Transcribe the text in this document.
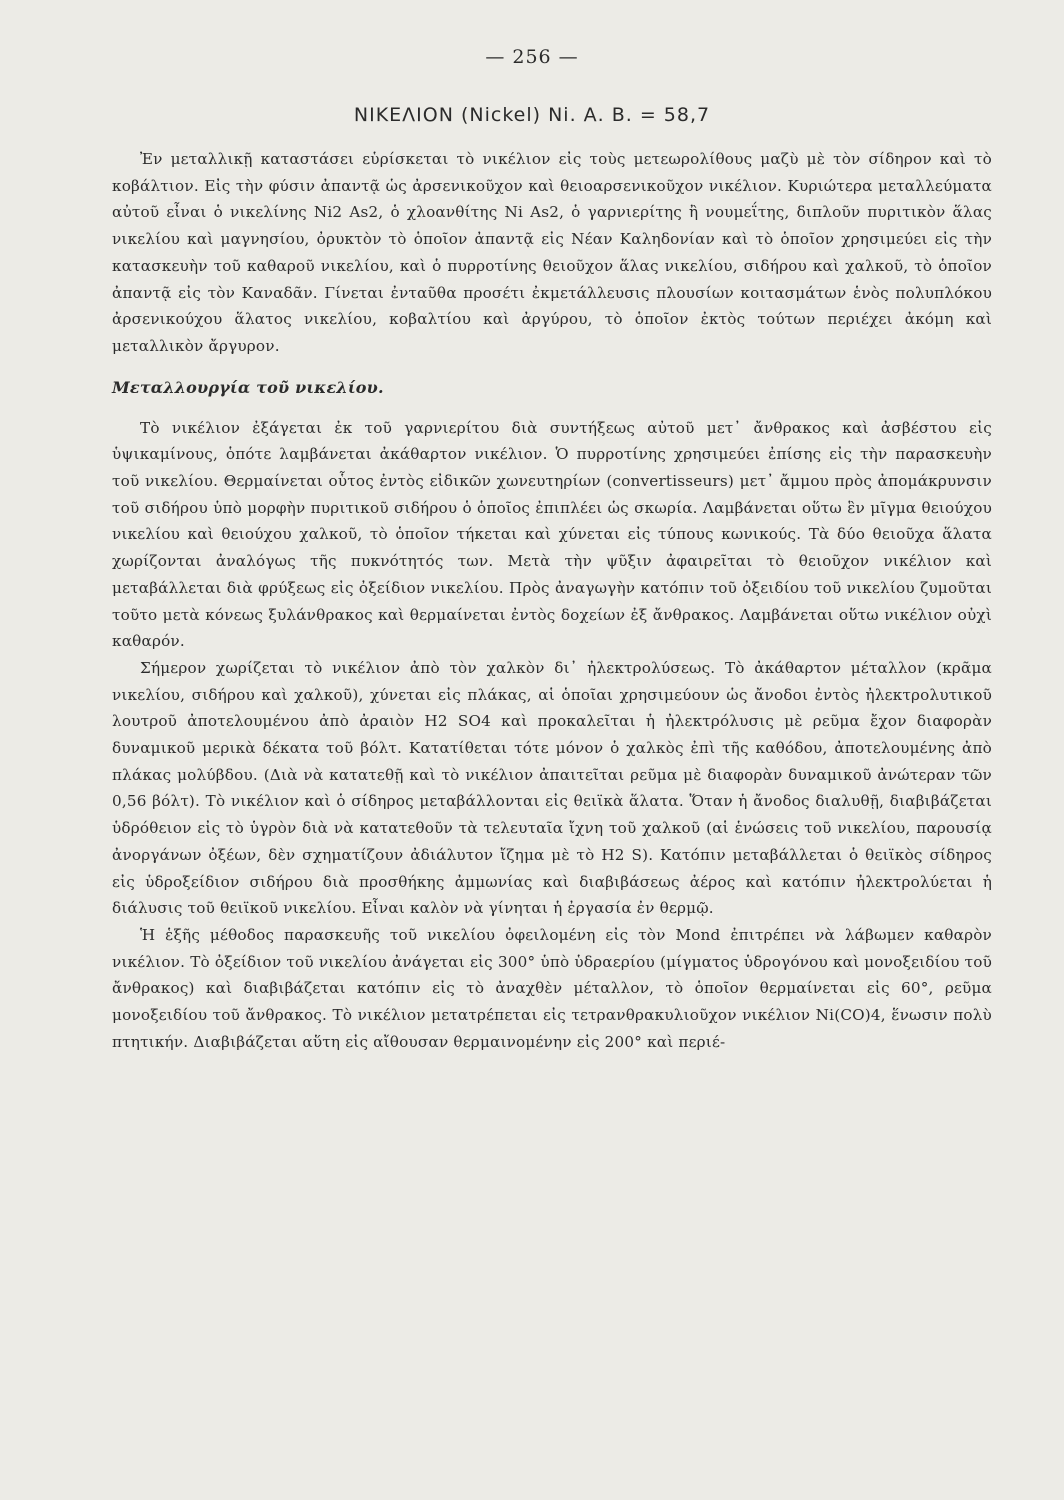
— 256 —
ΝΙΚΕΛΙΟΝ (Nickel) Ni. Α. Β. = 58,7

Ἐν μεταλλικῇ καταστάσει εὑρίσκεται τὸ νικέλιον εἰς τοὺς μετεωρολίθους μαζὺ μὲ τὸν σίδηρον καὶ τὸ κοβάλτιον. Εἰς τὴν φύσιν ἀπαντᾷ ὡς ἀρσενικοῦχον καὶ θειοαρσενικοῦχον νικέλιον. Κυριώτερα μεταλλεύματα αὐτοῦ εἶναι ὁ νικελίνης Ni2 As2, ὁ χλοανθίτης Ni As2, ὁ γαρνιερίτης ἢ νουμεΐτης, διπλοῦν πυριτικὸν ἅλας νικελίου καὶ μαγνησίου, ὀρυκτὸν τὸ ὁποῖον ἀπαντᾷ εἰς Νέαν Καληδονίαν καὶ τὸ ὁποῖον χρησιμεύει εἰς τὴν κατασκευὴν τοῦ καθαροῦ νικελίου, καὶ ὁ πυρροτίνης θειοῦχον ἅλας νικελίου, σιδήρου καὶ χαλκοῦ, τὸ ὁποῖον ἀπαντᾷ εἰς τὸν Καναδᾶν. Γίνεται ἐνταῦθα προσέτι ἐκμετάλλευσις πλουσίων κοιτασμάτων ἑνὸς πολυπλόκου ἀρσενικούχου ἅλατος νικελίου, κοβαλτίου καὶ ἀργύρου, τὸ ὁποῖον ἐκτὸς τούτων περιέχει ἀκόμη καὶ μεταλλικὸν ἄργυρον.

Μεταλλουργία τοῦ νικελίου.

Τὸ νικέλιον ἐξάγεται ἐκ τοῦ γαρνιερίτου διὰ συντήξεως αὐτοῦ μετ᾽ ἄνθρακος καὶ ἀσβέστου εἰς ὑψικαμίνους, ὁπότε λαμβάνεται ἀκάθαρτον νικέλιον. Ὁ πυρροτίνης χρησιμεύει ἐπίσης εἰς τὴν παρασκευὴν τοῦ νικελίου. Θερμαίνεται οὗτος ἐντὸς εἰδικῶν χωνευτηρίων (convertisseurs) μετ᾽ ἄμμου πρὸς ἀπομάκρυνσιν τοῦ σιδήρου ὑπὸ μορφὴν πυριτικοῦ σιδήρου ὁ ὁποῖος ἐπιπλέει ὡς σκωρία. Λαμβάνεται οὕτω ἓν μῖγμα θειούχου νικελίου καὶ θειούχου χαλκοῦ, τὸ ὁποῖον τήκεται καὶ χύνεται εἰς τύπους κωνικούς. Τὰ δύο θειοῦχα ἅλατα χωρίζονται ἀναλόγως τῆς πυκνότητός των. Μετὰ τὴν ψῦξιν ἀφαιρεῖται τὸ θειοῦχον νικέλιον καὶ μεταβάλλεται διὰ φρύξεως εἰς ὀξείδιον νικελίου. Πρὸς ἀναγωγὴν κατόπιν τοῦ ὀξειδίου τοῦ νικελίου ζυμοῦται τοῦτο μετὰ κόνεως ξυλάνθρακος καὶ θερμαίνεται ἐντὸς δοχείων ἐξ ἄνθρακος. Λαμβάνεται οὕτω νικέλιον οὐχὶ καθαρόν.

Σήμερον χωρίζεται τὸ νικέλιον ἀπὸ τὸν χαλκὸν δι᾽ ἠλεκτρολύσεως. Τὸ ἀκάθαρτον μέταλλον (κρᾶμα νικελίου, σιδήρου καὶ χαλκοῦ), χύνεται εἰς πλάκας, αἱ ὁποῖαι χρησιμεύουν ὡς ἄνοδοι ἐντὸς ἠλεκτρολυτικοῦ λουτροῦ ἀποτελουμένου ἀπὸ ἀραιὸν H2 SO4 καὶ προκαλεῖται ἡ ἠλεκτρόλυσις μὲ ρεῦμα ἔχον διαφορὰν δυναμικοῦ μερικὰ δέκατα τοῦ βόλτ. Κατατίθεται τότε μόνον ὁ χαλκὸς ἐπὶ τῆς καθόδου, ἀποτελουμένης ἀπὸ πλάκας μολύβδου. (Διὰ νὰ κατατεθῇ καὶ τὸ νικέλιον ἀπαιτεῖται ρεῦμα μὲ διαφορὰν δυναμικοῦ ἀνώτεραν τῶν 0,56 βόλτ). Τὸ νικέλιον καὶ ὁ σίδηρος μεταβάλλονται εἰς θειϊκὰ ἅλατα. Ὅταν ἡ ἄνοδος διαλυθῇ, διαβιβάζεται ὑδρόθειον εἰς τὸ ὑγρὸν διὰ νὰ κατατεθοῦν τὰ τελευταῖα ἴχνη τοῦ χαλκοῦ (αἱ ἑνώσεις τοῦ νικελίου, παρουσίᾳ ἀνοργάνων ὀξέων, δὲν σχηματίζουν ἀδιάλυτον ἴζημα μὲ τὸ H2 S). Κατόπιν μεταβάλλεται ὁ θειϊκὸς σίδηρος εἰς ὑδροξείδιον σιδήρου διὰ προσθήκης ἀμμωνίας καὶ διαβιβάσεως ἀέρος καὶ κατόπιν ἠλεκτρολύεται ἡ διάλυσις τοῦ θειϊκοῦ νικελίου. Εἶναι καλὸν νὰ γίνηται ἡ ἐργασία ἐν θερμῷ.

Ἡ ἑξῆς μέθοδος παρασκευῆς τοῦ νικελίου ὀφειλομένη εἰς τὸν Mond ἐπιτρέπει νὰ λάβωμεν καθαρὸν νικέλιον. Τὸ ὀξείδιον τοῦ νικελίου ἀνάγεται εἰς 300° ὑπὸ ὑδραερίου (μίγματος ὑδρογόνου καὶ μονοξειδίου τοῦ ἄνθρακος) καὶ διαβιβάζεται κατόπιν εἰς τὸ ἀναχθὲν μέταλλον, τὸ ὁποῖον θερμαίνεται εἰς 60°, ρεῦμα μονοξειδίου τοῦ ἄνθρακος. Τὸ νικέλιον μετατρέπεται εἰς τετρανθρακυλιοῦχον νικέλιον Ni(CO)4, ἕνωσιν πολὺ πτητικήν. Διαβιβάζεται αὕτη εἰς αἴθουσαν θερμαινομένην εἰς 200° καὶ περιέ-
